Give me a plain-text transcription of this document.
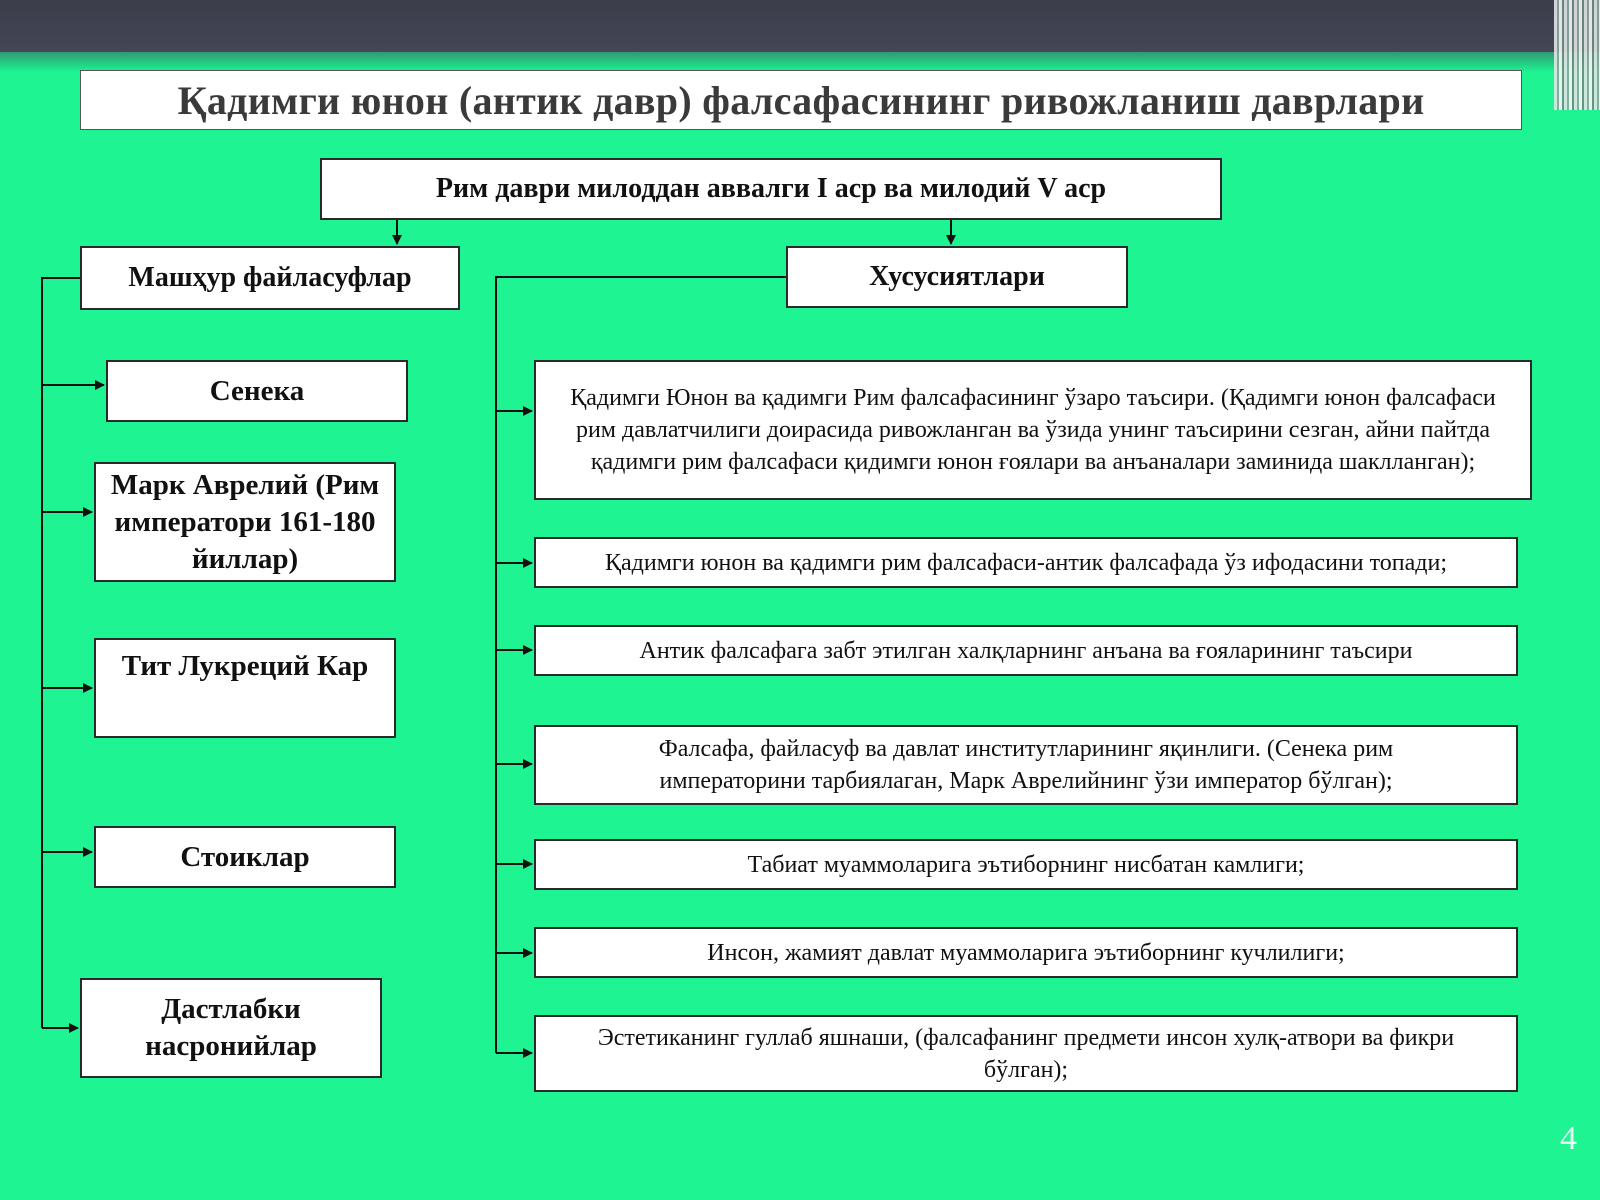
Қадимги юнон (антик давр) фалсафасининг ривожланиш даврлари
Рим даври милоддан аввалги I аср ва милодий V аср
Машҳур файласуфлар	Хусусиятлари
Сенека
Марк Аврелий (Рим императори 161-180 йиллар)
Тит Лукреций Кар
Стоиклар
Дастлабки насронийлар
Қадимги Юнон ва қадимги Рим фалсафасининг ўзаро таъсири. (Қадимги юнон фалсафаси рим давлатчилиги доирасида ривожланган ва ўзида унинг таъсирини сезган, айни пайтда қадимги рим фалсафаси қидимги юнон ғоялари ва анъаналари заминида шаклланган);
Қадимги юнон ва қадимги рим фалсафаси-антик фалсафада ўз ифодасини топади;
Антик фалсафага забт этилган халқларнинг анъана ва ғояларининг таъсири
Фалсафа, файласуф ва давлат институтларининг яқинлиги. (Сенека рим императорини тарбиялаган, Марк Аврелийнинг ўзи император бўлган);
Табиат муаммоларига эътиборнинг нисбатан камлиги;
Инсон, жамият давлат муаммоларига эътиборнинг кучлилиги;
Эстетиканинг гуллаб яшнаши, (фалсафанинг предмети инсон хулқ-атвори ва фикри бўлган);
4
